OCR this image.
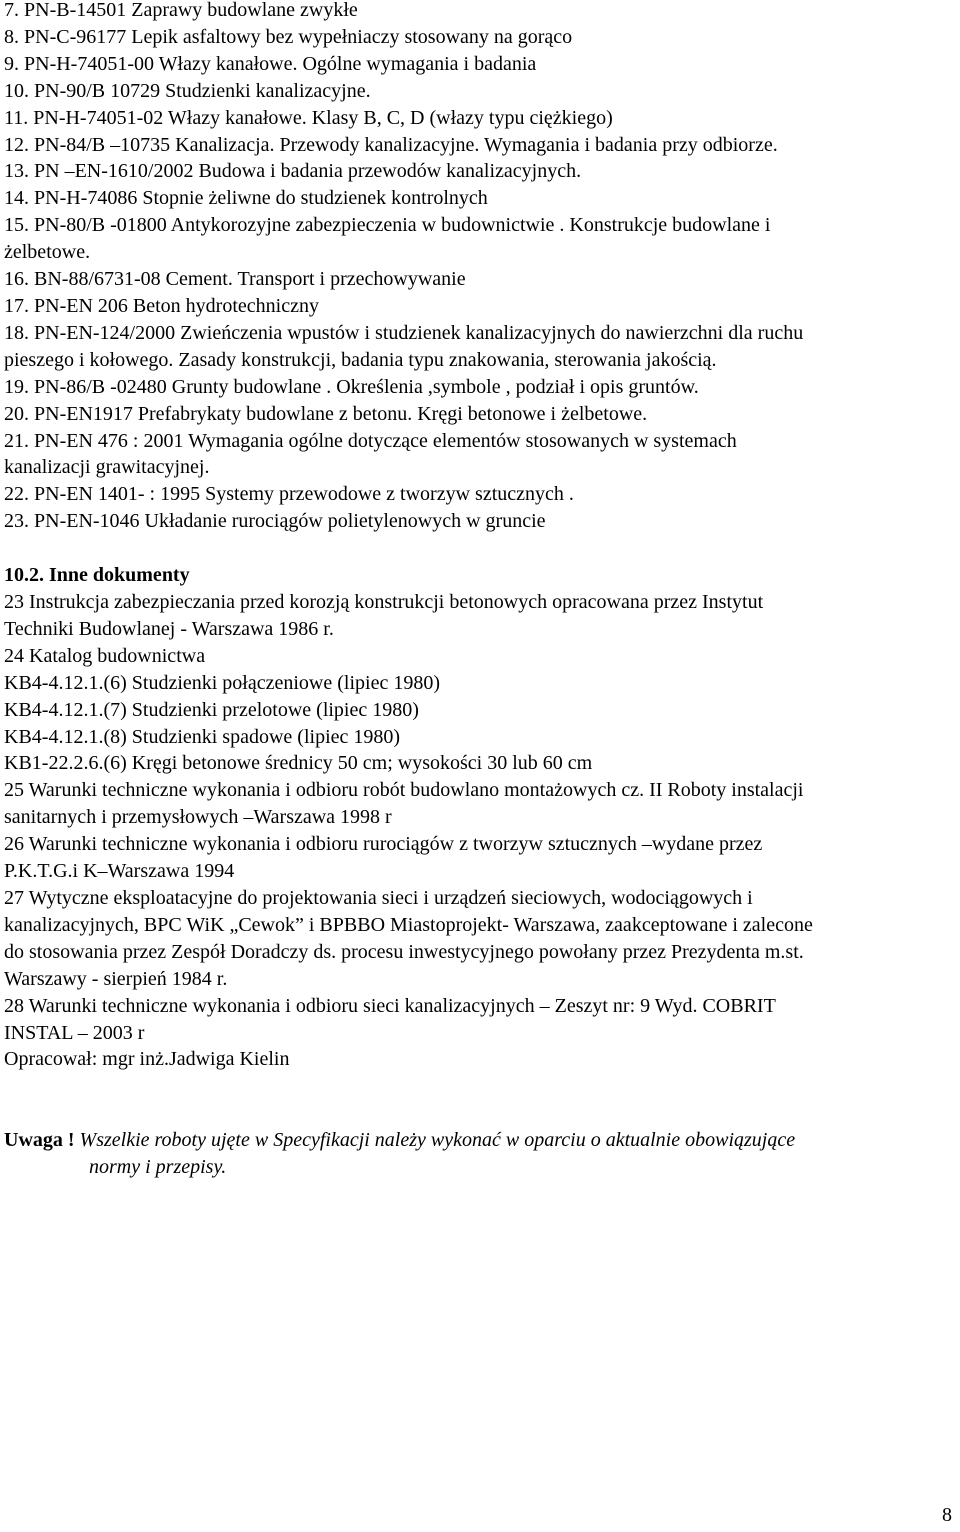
7. PN-B-14501 Zaprawy budowlane zwykłe

8. PN-C-96177 Lepik asfaltowy bez wypełniaczy stosowany na gorąco

9. PN-H-74051-00 Włazy kanałowe. Ogólne wymagania i badania

10. PN-90/B 10729 Studzienki kanalizacyjne.

11. PN-H-74051-02 Włazy kanałowe. Klasy B, C, D (włazy typu ciężkiego)

12. PN-84/B –10735 Kanalizacja. Przewody kanalizacyjne. Wymagania i badania przy odbiorze.

13. PN –EN-1610/2002 Budowa i badania przewodów kanalizacyjnych.

14. PN-H-74086 Stopnie żeliwne do studzienek kontrolnych

15. PN-80/B -01800 Antykorozyjne zabezpieczenia w budownictwie . Konstrukcje budowlane i

żelbetowe.

16. BN-88/6731-08 Cement. Transport i przechowywanie

17. PN-EN 206 Beton hydrotechniczny

18. PN-EN-124/2000 Zwieńczenia wpustów i studzienek kanalizacyjnych do nawierzchni dla ruchu

pieszego i kołowego. Zasady konstrukcji, badania typu znakowania, sterowania jakością.

19. PN-86/B -02480 Grunty budowlane . Określenia ,symbole , podział i opis gruntów.

20. PN-EN1917 Prefabrykaty budowlane z betonu. Kręgi betonowe i żelbetowe.

21. PN-EN 476 : 2001 Wymagania ogólne dotyczące elementów stosowanych w systemach

kanalizacji grawitacyjnej.

22. PN-EN 1401- : 1995 Systemy przewodowe z tworzyw sztucznych .

23. PN-EN-1046 Układanie rurociągów polietylenowych w gruncie

10.2. Inne dokumenty

23 Instrukcja zabezpieczania przed korozją konstrukcji betonowych opracowana przez Instytut

Techniki Budowlanej - Warszawa 1986 r.

24 Katalog budownictwa

KB4-4.12.1.(6) Studzienki połączeniowe (lipiec 1980)

KB4-4.12.1.(7) Studzienki przelotowe (lipiec 1980)

KB4-4.12.1.(8) Studzienki spadowe (lipiec 1980)

KB1-22.2.6.(6) Kręgi betonowe średnicy 50 cm; wysokości 30 lub 60 cm

25 Warunki techniczne wykonania i odbioru robót budowlano montażowych cz. II Roboty instalacji

sanitarnych i przemysłowych –Warszawa 1998 r

26 Warunki techniczne wykonania i odbioru rurociągów z tworzyw sztucznych –wydane przez

P.K.T.G.i K–Warszawa 1994

27 Wytyczne eksploatacyjne do projektowania sieci i urządzeń sieciowych, wodociągowych i

kanalizacyjnych, BPC WiK „Cewok” i BPBBO Miastoprojekt- Warszawa, zaakceptowane i zalecone

do stosowania przez Zespół Doradczy ds. procesu inwestycyjnego powołany przez Prezydenta m.st.

Warszawy - sierpień 1984 r.

28 Warunki techniczne wykonania i odbioru sieci kanalizacyjnych – Zeszyt nr: 9 Wyd. COBRIT

INSTAL – 2003 r

Opracował: mgr inż.Jadwiga Kielin

Uwaga ! Wszelkie roboty ujęte w Specyfikacji należy wykonać w oparciu o aktualnie obowiązujące

normy i przepisy.

8
